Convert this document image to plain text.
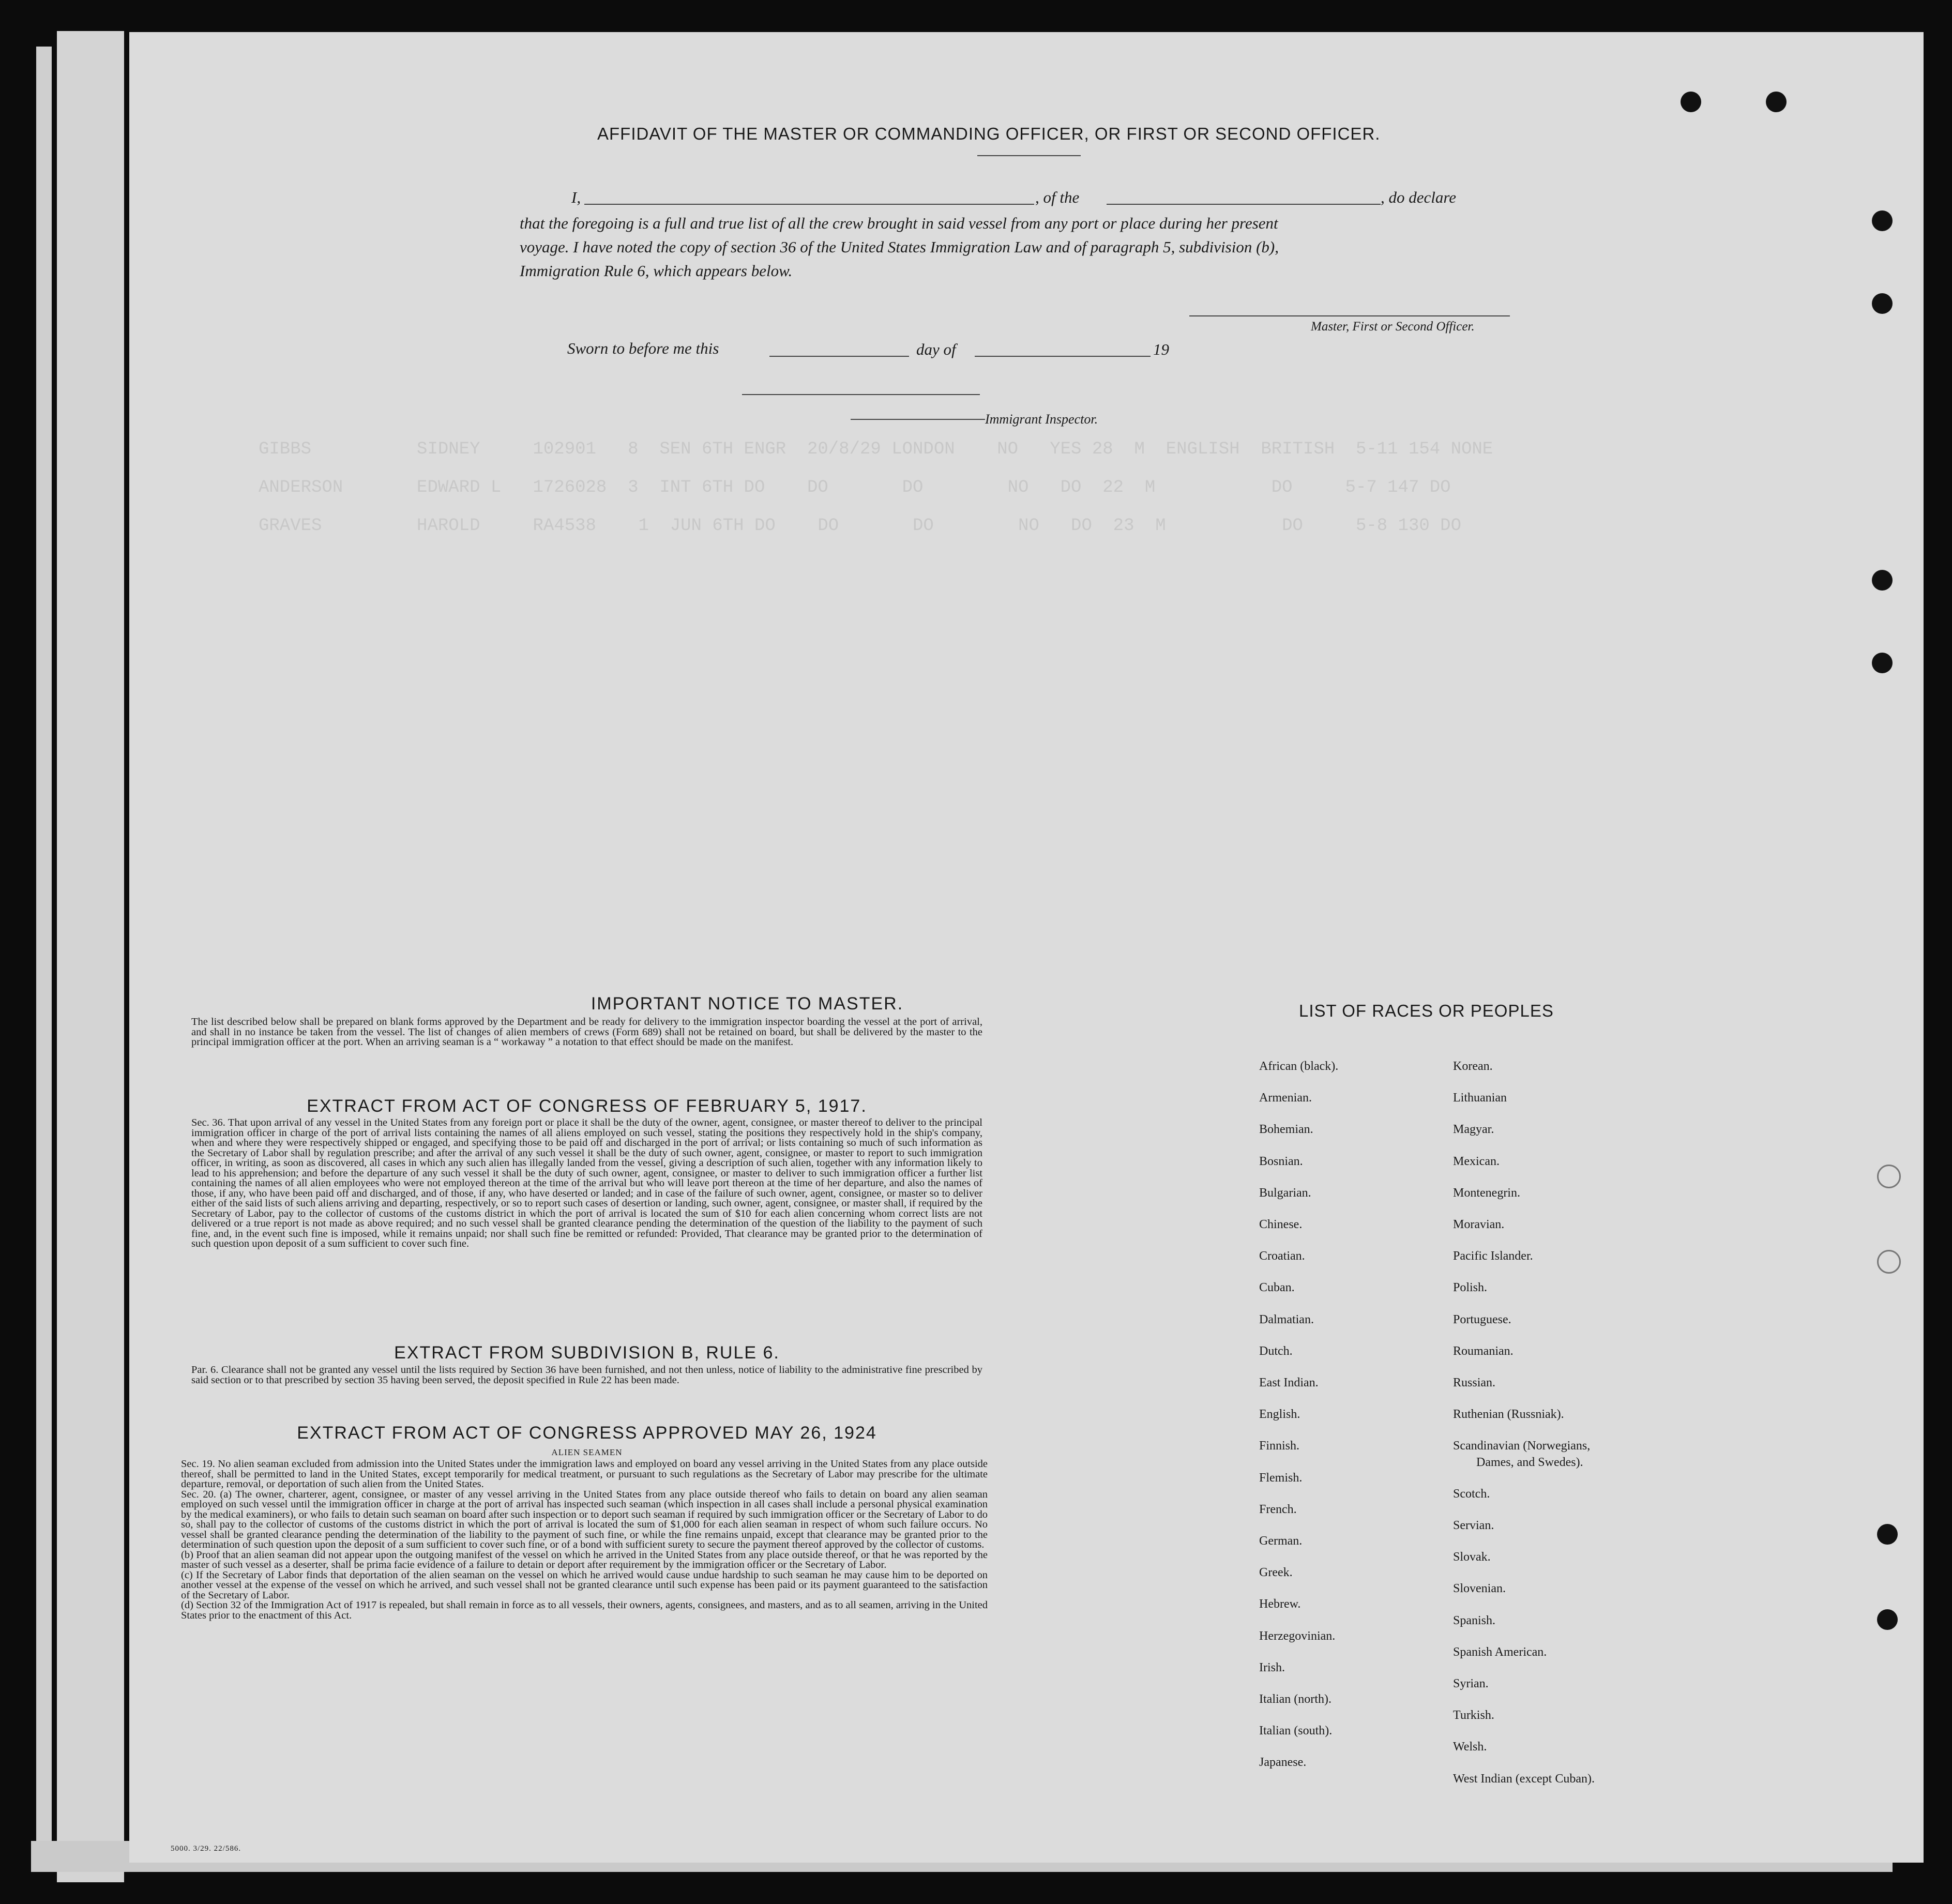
GIBBS          SIDNEY     102901   8  SEN 6TH ENGR  20/8/29 LONDON    NO   YES 28  M  ENGLISH  BRITISH  5-11 154 NONE
ANDERSON       EDWARD L   1726028  3  INT 6TH DO    DO       DO        NO   DO  22  M           DO     5-7 147 DO
GRAVES         HAROLD     RA4538    1  JUN 6TH DO    DO       DO        NO   DO  23  M           DO     5-8 130 DO
AFFIDAVIT OF THE MASTER OR COMMANDING OFFICER, OR FIRST OR SECOND OFFICER.
I,	, of the	, do declare
that the foregoing is a full and true list of all the crew brought in said vessel from any port or place during her present
voyage. I have noted the copy of section 36 of the United States Immigration Law and of paragraph 5, subdivision (b),
Immigration Rule 6, which appears below.
Master, First or Second Officer.
Sworn to before me this	day of	19
Immigrant Inspector.
IMPORTANT NOTICE TO MASTER.
The list described below shall be prepared on blank forms approved by the Department and be ready for delivery to the immigration inspector boarding the vessel at the port of arrival, and shall in no instance be taken from the vessel. The list of changes of alien members of crews (Form 689) shall not be retained on board, but shall be delivered by the master to the principal immigration officer at the port. When an arriving seaman is a “ workaway ” a notation to that effect should be made on the manifest.
EXTRACT FROM ACT OF CONGRESS OF FEBRUARY 5, 1917.
Sec. 36. That upon arrival of any vessel in the United States from any foreign port or place it shall be the duty of the owner, agent, consignee, or master thereof to deliver to the principal immigration officer in charge of the port of arrival lists containing the names of all aliens employed on such vessel, stating the positions they respectively hold in the ship's company, when and where they were respectively shipped or engaged, and specifying those to be paid off and discharged in the port of arrival; or lists containing so much of such information as the Secretary of Labor shall by regulation prescribe; and after the arrival of any such vessel it shall be the duty of such owner, agent, consignee, or master to report to such immigration officer, in writing, as soon as discovered, all cases in which any such alien has illegally landed from the vessel, giving a description of such alien, together with any information likely to lead to his apprehension; and before the departure of any such vessel it shall be the duty of such owner, agent, consignee, or master to deliver to such immigration officer a further list containing the names of all alien employees who were not employed thereon at the time of the arrival but who will leave port thereon at the time of her departure, and also the names of those, if any, who have been paid off and discharged, and of those, if any, who have deserted or landed; and in case of the failure of such owner, agent, consignee, or master so to deliver either of the said lists of such aliens arriving and departing, respectively, or so to report such cases of desertion or landing, such owner, agent, consignee, or master shall, if required by the Secretary of Labor, pay to the collector of customs of the customs district in which the port of arrival is located the sum of $10 for each alien concerning whom correct lists are not delivered or a true report is not made as above required; and no such vessel shall be granted clearance pending the determination of the question of the liability to the payment of such fine, and, in the event such fine is imposed, while it remains unpaid; nor shall such fine be remitted or refunded: Provided, That clearance may be granted prior to the determination of such question upon deposit of a sum sufficient to cover such fine.
EXTRACT FROM SUBDIVISION B, RULE 6.
Par. 6. Clearance shall not be granted any vessel until the lists required by Section 36 have been furnished, and not then unless, notice of liability to the administrative fine prescribed by said section or to that prescribed by section 35 having been served, the deposit specified in Rule 22 has been made.
EXTRACT FROM ACT OF CONGRESS APPROVED MAY 26, 1924
ALIEN SEAMEN
Sec. 19. No alien seaman excluded from admission into the United States under the immigration laws and employed on board any vessel arriving in the United States from any place outside thereof, shall be permitted to land in the United States, except temporarily for medical treatment, or pursuant to such regulations as the Secretary of Labor may prescribe for the ultimate departure, removal, or deportation of such alien from the United States.
Sec. 20. (a) The owner, charterer, agent, consignee, or master of any vessel arriving in the United States from any place outside thereof who fails to detain on board any alien seaman employed on such vessel until the immigration officer in charge at the port of arrival has inspected such seaman (which inspection in all cases shall include a personal physical examination by the medical examiners), or who fails to detain such seaman on board after such inspection or to deport such seaman if required by such immigration officer or the Secretary of Labor to do so, shall pay to the collector of customs of the customs district in which the port of arrival is located the sum of $1,000 for each alien seaman in respect of whom such failure occurs. No vessel shall be granted clearance pending the determination of the liability to the payment of such fine, or while the fine remains unpaid, except that clearance may be granted prior to the determination of such question upon the deposit of a sum sufficient to cover such fine, or of a bond with sufficient surety to secure the payment thereof approved by the collector of customs.
(b) Proof that an alien seaman did not appear upon the outgoing manifest of the vessel on which he arrived in the United States from any place outside thereof, or that he was reported by the master of such vessel as a deserter, shall be prima facie evidence of a failure to detain or deport after requirement by the immigration officer or the Secretary of Labor.
(c) If the Secretary of Labor finds that deportation of the alien seaman on the vessel on which he arrived would cause undue hardship to such seaman he may cause him to be deported on another vessel at the expense of the vessel on which he arrived, and such vessel shall not be granted clearance until such expense has been paid or its payment guaranteed to the satisfaction of the Secretary of Labor.
(d) Section 32 of the Immigration Act of 1917 is repealed, but shall remain in force as to all vessels, their owners, agents, consignees, and masters, and as to all seamen, arriving in the United States prior to the enactment of this Act.
LIST OF RACES OR PEOPLES
African (black).
Armenian.
Bohemian.
Bosnian.
Bulgarian.
Chinese.
Croatian.
Cuban.
Dalmatian.
Dutch.
East Indian.
English.
Finnish.
Flemish.
French.
German.
Greek.
Hebrew.
Herzegovinian.
Irish.
Italian (north).
Italian (south).
Japanese.
Korean.
Lithuanian
Magyar.
Mexican.
Montenegrin.
Moravian.
Pacific Islander.
Polish.
Portuguese.
Roumanian.
Russian.
Ruthenian (Russniak).
Scandinavian (Norwegians,
Dames, and Swedes).
Scotch.
Servian.
Slovak.
Slovenian.
Spanish.
Spanish American.
Syrian.
Turkish.
Welsh.
West Indian (except Cuban).
5000. 3/29. 22/586.
